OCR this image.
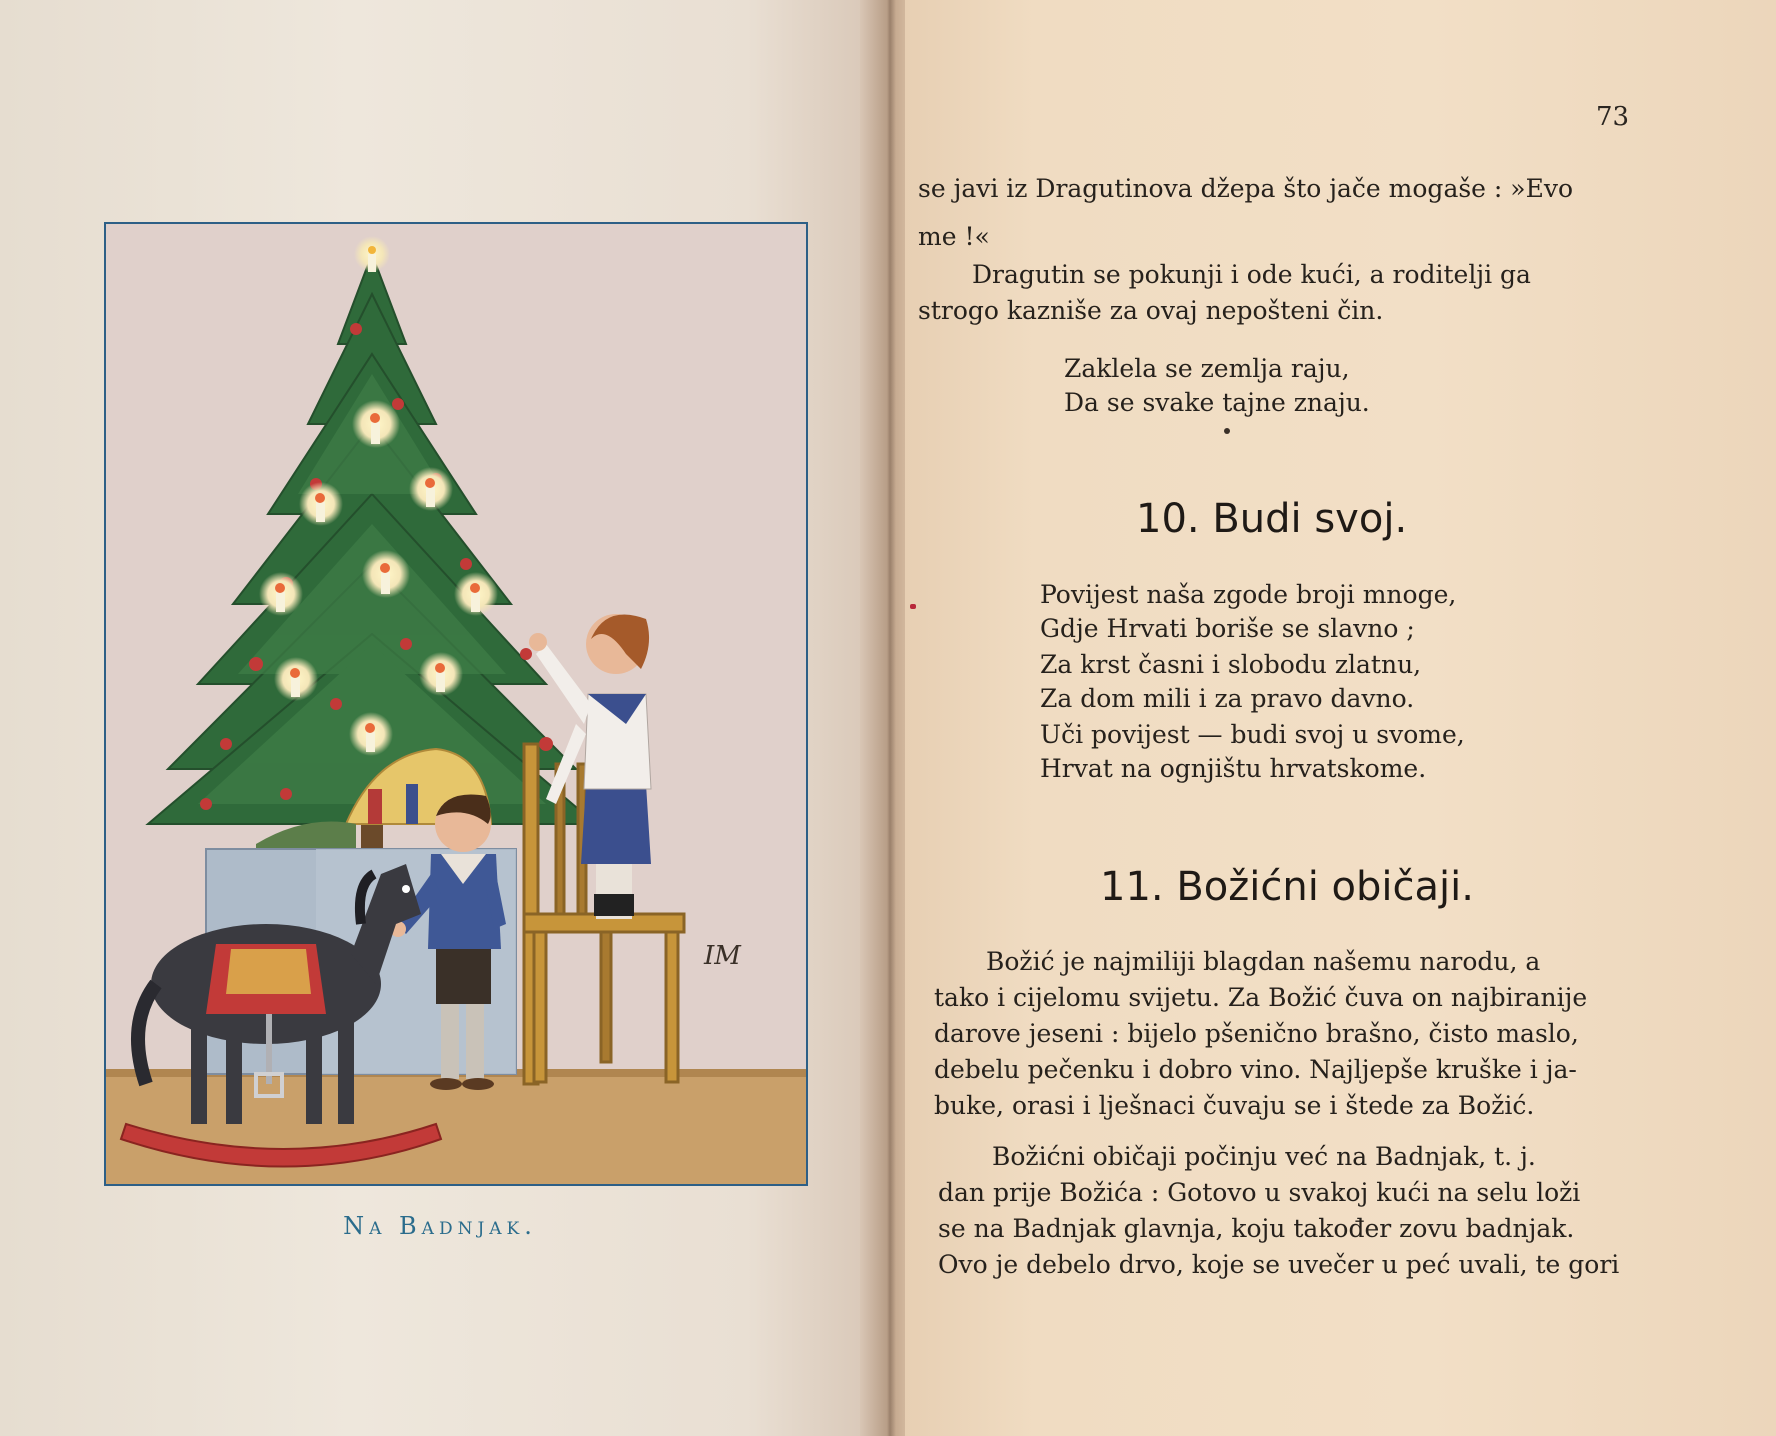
IM
Na Badnjak.
73
se javi iz Dragutinova džepa što jače mogaše : »Evo
me !«
Dragutin se pokunji i ode kući, a roditelji ga
strogo kazniše za ovaj nepošteni čin.
Zaklela se zemlja raju,
Da se svake tajne znaju.
10. Budi svoj.
Povijest naša zgode broji mnoge,
Gdje Hrvati boriše se slavno ;
Za krst časni i slobodu zlatnu,
Za dom mili i za pravo davno.
Uči povijest — budi svoj u svome,
Hrvat na ognjištu hrvatskome.
11. Božićni običaji.
Božić je najmiliji blagdan našemu narodu, a
tako i cijelomu svijetu. Za Božić čuva on najbiranije
darove jeseni : bijelo pšenično brašno, čisto maslo,
debelu pečenku i dobro vino. Najljepše kruške i ja-
buke, orasi i lješnaci čuvaju se i štede za Božić.
Božićni običaji počinju već na Badnjak, t. j.
dan prije Božića : Gotovo u svakoj kući na selu loži
se na Badnjak glavnja, koju također zovu badnjak.
Ovo je debelo drvo, koje se uvečer u peć uvali, te gori
